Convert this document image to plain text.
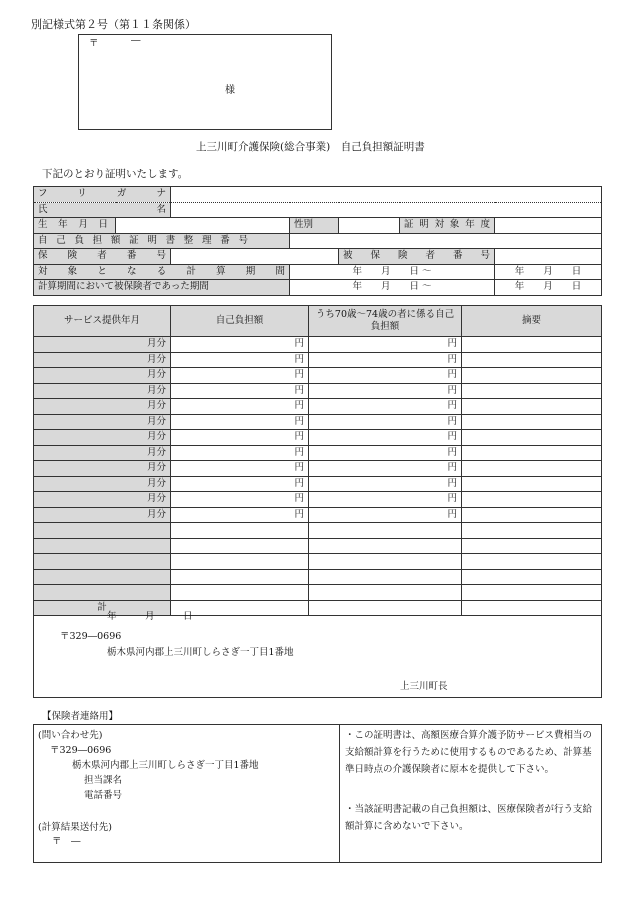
別記様式第２号（第１１条関係）
〒	―
様
上三川町介護保険(総合事業)　自己負担額証明書
下記のとおり証明いたします。
フリガナ						

氏名						

生年月日			性別		証明対象年度	

自己負担額証明書整理番号						

保険者番号				被保険者番号		

対象となる計算期間			年　　月　　日 ～			年　　月　　日
計算期間において被保険者であった期間			年　　月　　日 ～			年　　月　　日
サービス提供年月	自己負担額	うち70歳～74歳の者に係る自己負担額	摘要
月分	円	円	
月分	円	円	
月分	円	円	
月分	円	円	
月分	円	円	
月分	円	円	
月分	円	円	
月分	円	円	
月分	円	円	
月分	円	円	
月分	円	円	
月分	円	円	

計			
年　　　月　　　日
〒329―0696
栃木県河内郡上三川町しらさぎ一丁目1番地
上三川町長
【保険者連絡用】
(問い合わせ先)
〒329―0696
栃木県河内郡上三川町しらさぎ一丁目1番地
担当課名
電話番号
(計算結果送付先)
〒　―
・この証明書は、高額医療合算介護予防サービス費相当の支給額計算を行うために使用するものであるため、計算基準日時点の介護保険者に原本を提供して下さい。
・当該証明書記載の自己負担額は、医療保険者が行う支給額計算に含めないで下さい。
